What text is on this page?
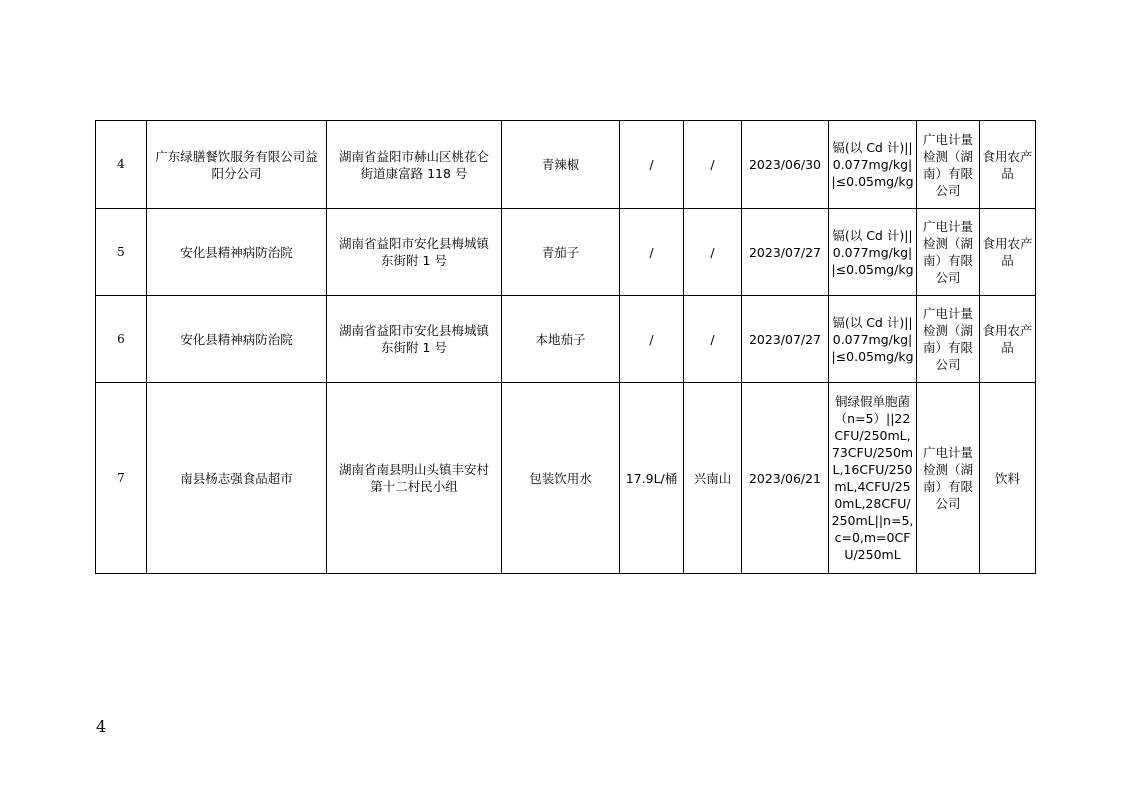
4	广东绿膳餐饮服务有限公司益阳分公司	湖南省益阳市赫山区桃花仑街道康富路 118 号	青辣椒	/	/	2023/06/30	镉(以 Cd 计)||0.077mg/kg||≤0.05mg/kg	广电计量检测（湖南）有限公司	食用农产品
5	安化县精神病防治院	湖南省益阳市安化县梅城镇东街附 1 号	青茄子	/	/	2023/07/27	镉(以 Cd 计)||0.077mg/kg||≤0.05mg/kg	广电计量检测（湖南）有限公司	食用农产品
6	安化县精神病防治院	湖南省益阳市安化县梅城镇东街附 1 号	本地茄子	/	/	2023/07/27	镉(以 Cd 计)||0.077mg/kg||≤0.05mg/kg	广电计量检测（湖南）有限公司	食用农产品
7	南县杨志强食品超市	湖南省南县明山头镇丰安村第十二村民小组	包装饮用水	17.9L/桶	兴南山	2023/06/21	铜绿假单胞菌（n=5）||22CFU/250mL,73CFU/250mL,16CFU/250mL,4CFU/250mL,28CFU/250mL||n=5,c=0,m=0CFU/250mL	广电计量检测（湖南）有限公司	饮料
4
